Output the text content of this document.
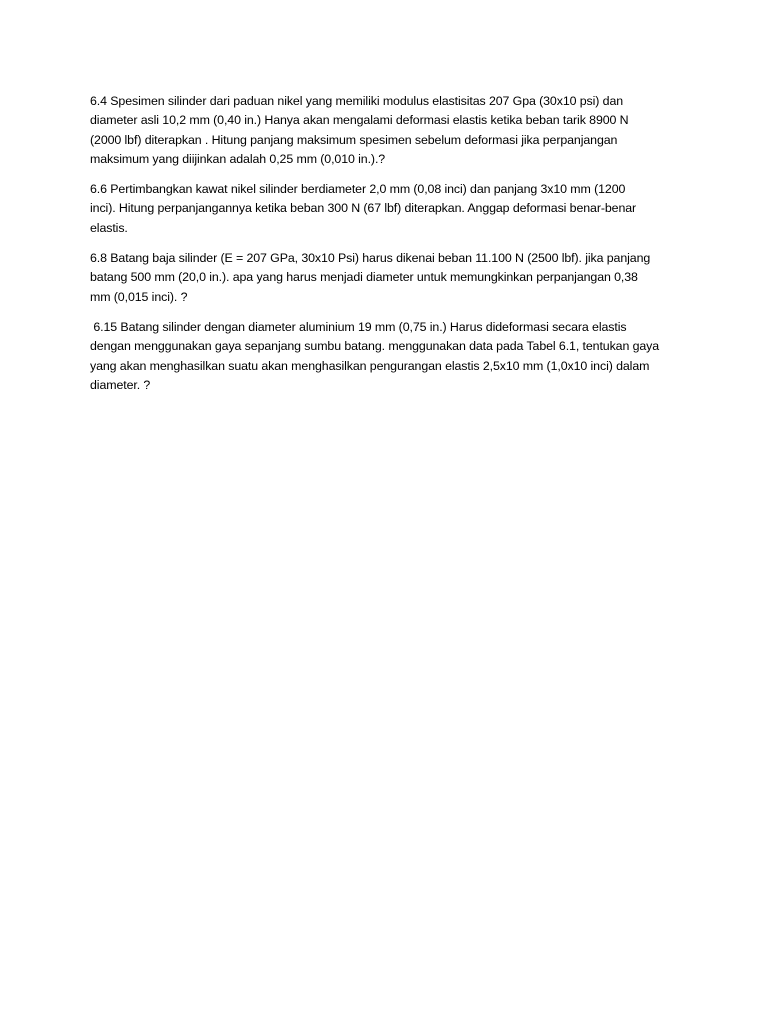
6.4 Spesimen silinder dari paduan nikel yang memiliki modulus elastisitas 207 Gpa (30x10 psi) dan
diameter asli 10,2 mm (0,40 in.) Hanya akan mengalami deformasi elastis ketika beban tarik 8900 N
(2000 lbf) diterapkan . Hitung panjang maksimum spesimen sebelum deformasi jika perpanjangan
maksimum yang diijinkan adalah 0,25 mm (0,010 in.).?

6.6 Pertimbangkan kawat nikel silinder berdiameter 2,0 mm (0,08 inci) dan panjang 3x10 mm (1200
inci). Hitung perpanjangannya ketika beban 300 N (67 lbf) diterapkan. Anggap deformasi benar-benar
elastis.

6.8 Batang baja silinder (E = 207 GPa, 30x10 Psi) harus dikenai beban 11.100 N (2500 lbf). jika panjang
batang 500 mm (20,0 in.). apa yang harus menjadi diameter untuk memungkinkan perpanjangan 0,38
mm (0,015 inci). ?

6.15 Batang silinder dengan diameter aluminium 19 mm (0,75 in.) Harus dideformasi secara elastis
dengan menggunakan gaya sepanjang sumbu batang. menggunakan data pada Tabel 6.1, tentukan gaya
yang akan menghasilkan suatu akan menghasilkan pengurangan elastis 2,5x10 mm (1,0x10 inci) dalam
diameter. ?
